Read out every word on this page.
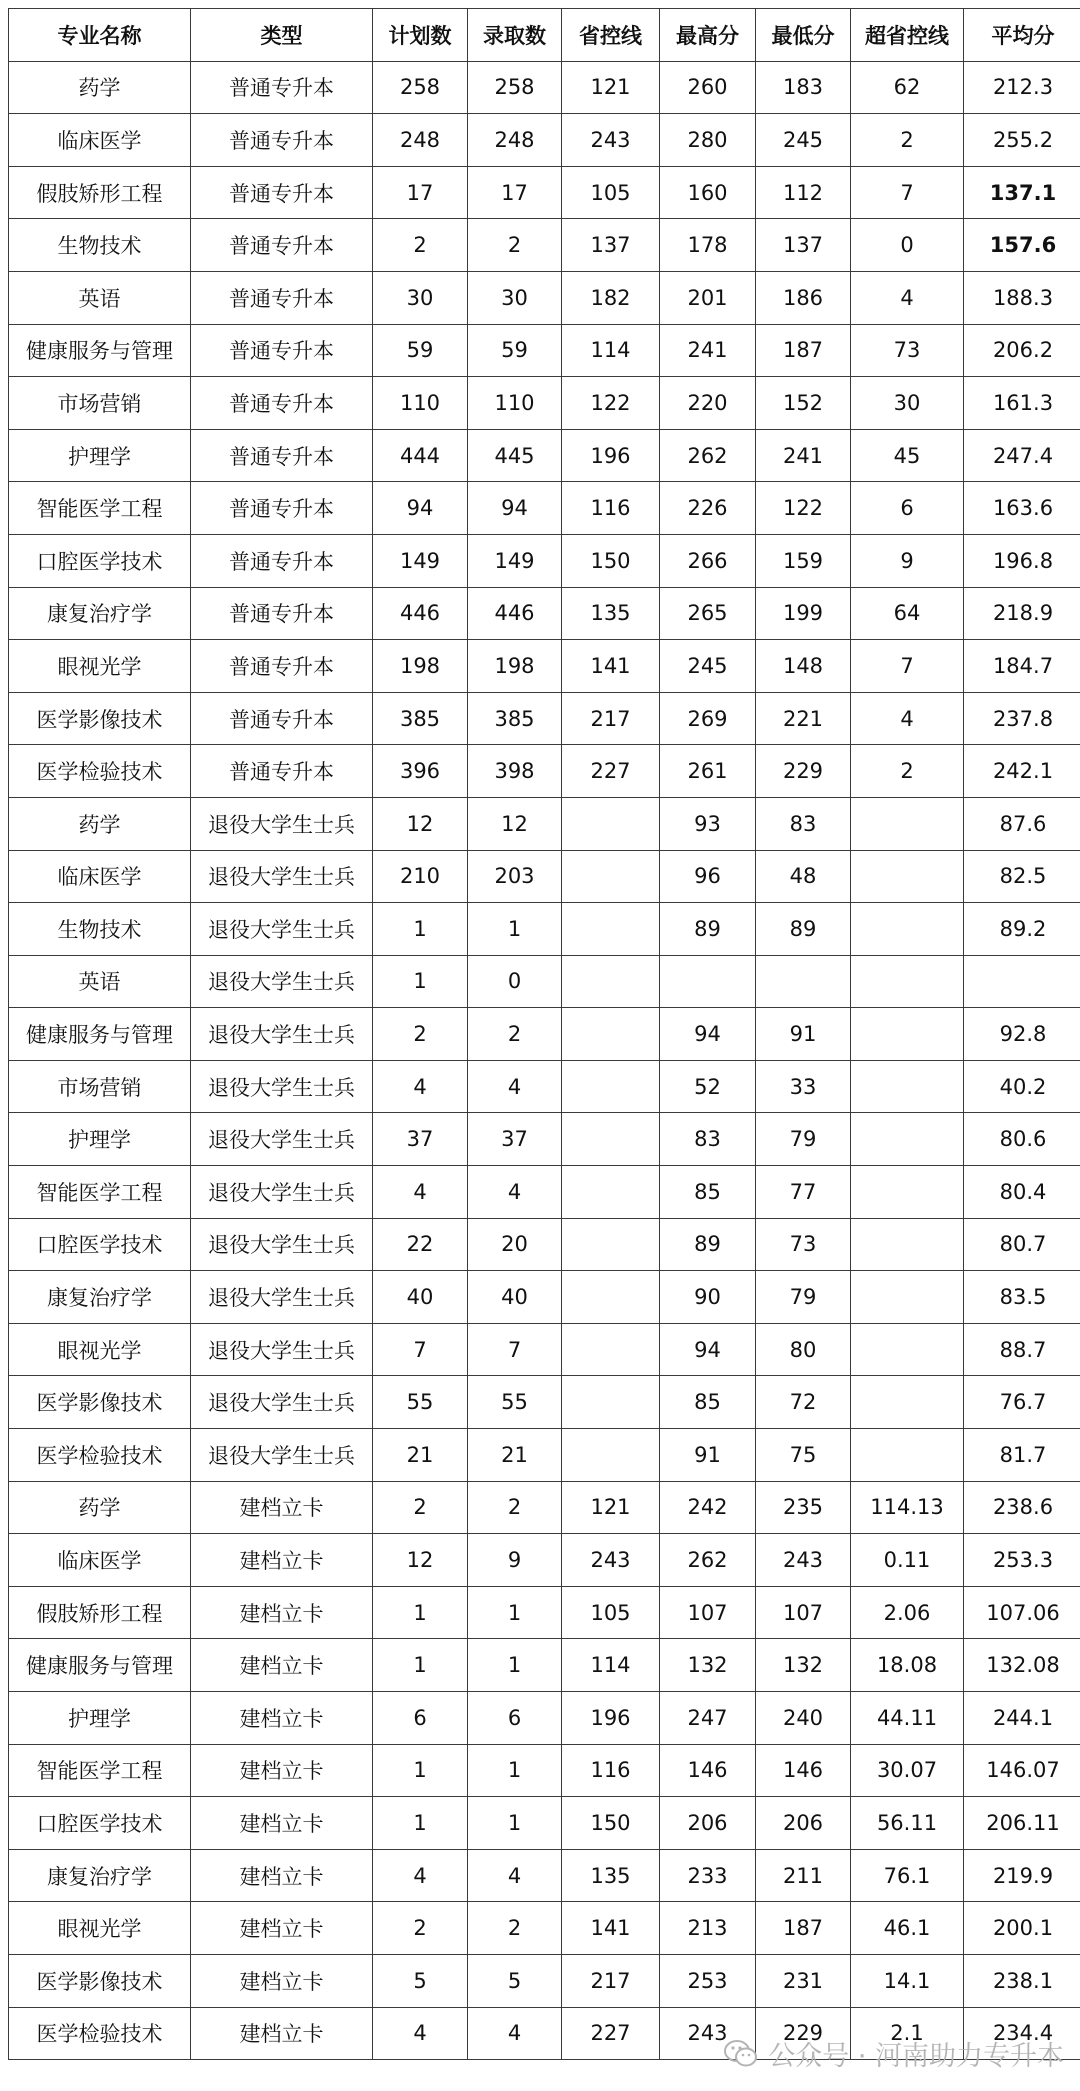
专业名称	类型	计划数	录取数	省控线	最高分	最低分	超省控线	平均分
药学	普通专升本	258	258	121	260	183	62	212.3
临床医学	普通专升本	248	248	243	280	245	2	255.2
假肢矫形工程	普通专升本	17	17	105	160	112	7	137.1
生物技术	普通专升本	2	2	137	178	137	0	157.6
英语	普通专升本	30	30	182	201	186	4	188.3
健康服务与管理	普通专升本	59	59	114	241	187	73	206.2
市场营销	普通专升本	110	110	122	220	152	30	161.3
护理学	普通专升本	444	445	196	262	241	45	247.4
智能医学工程	普通专升本	94	94	116	226	122	6	163.6
口腔医学技术	普通专升本	149	149	150	266	159	9	196.8
康复治疗学	普通专升本	446	446	135	265	199	64	218.9
眼视光学	普通专升本	198	198	141	245	148	7	184.7
医学影像技术	普通专升本	385	385	217	269	221	4	237.8
医学检验技术	普通专升本	396	398	227	261	229	2	242.1
药学	退役大学生士兵	12	12		93	83		87.6
临床医学	退役大学生士兵	210	203		96	48		82.5
生物技术	退役大学生士兵	1	1		89	89		89.2
英语	退役大学生士兵	1	0					
健康服务与管理	退役大学生士兵	2	2		94	91		92.8
市场营销	退役大学生士兵	4	4		52	33		40.2
护理学	退役大学生士兵	37	37		83	79		80.6
智能医学工程	退役大学生士兵	4	4		85	77		80.4
口腔医学技术	退役大学生士兵	22	20		89	73		80.7
康复治疗学	退役大学生士兵	40	40		90	79		83.5
眼视光学	退役大学生士兵	7	7		94	80		88.7
医学影像技术	退役大学生士兵	55	55		85	72		76.7
医学检验技术	退役大学生士兵	21	21		91	75		81.7
药学	建档立卡	2	2	121	242	235	114.13	238.6
临床医学	建档立卡	12	9	243	262	243	0.11	253.3
假肢矫形工程	建档立卡	1	1	105	107	107	2.06	107.06
健康服务与管理	建档立卡	1	1	114	132	132	18.08	132.08
护理学	建档立卡	6	6	196	247	240	44.11	244.1
智能医学工程	建档立卡	1	1	116	146	146	30.07	146.07
口腔医学技术	建档立卡	1	1	150	206	206	56.11	206.11
康复治疗学	建档立卡	4	4	135	233	211	76.1	219.9
眼视光学	建档立卡	2	2	141	213	187	46.1	200.1
医学影像技术	建档立卡	5	5	217	253	231	14.1	238.1
医学检验技术	建档立卡	4	4	227	243	229	2.1	234.4
公众号 · 河南助力专升本
